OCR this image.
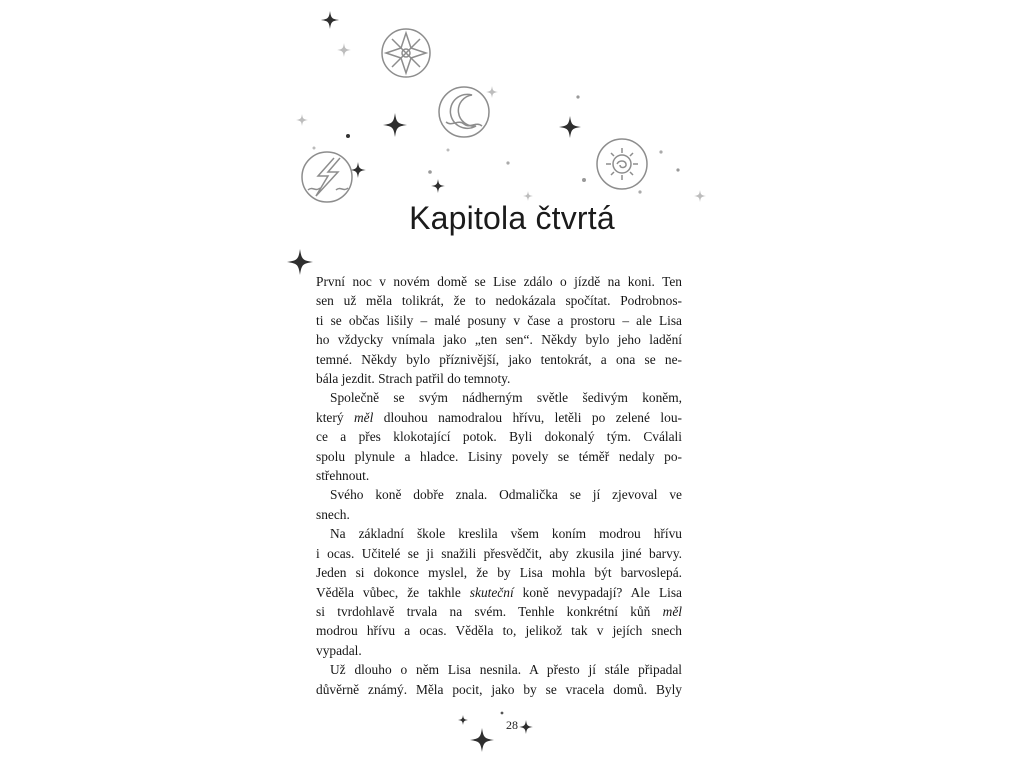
Kapitola čtvrtá
První noc v novém domě se Lise zdálo o jízdě na koni. Ten
sen už měla tolikrát, že to nedokázala spočítat. Podrobnos-
ti se občas lišily – malé posuny v čase a prostoru – ale Lisa
ho vždycky vnímala jako „ten sen“. Někdy bylo jeho ladění
temné. Někdy bylo příznivější, jako tentokrát, a ona se ne-
bála jezdit. Strach patřil do temnoty.
Společně se svým nádherným světle šedivým koněm,
který měl dlouhou namodralou hřívu, letěli po zelené lou-
ce a přes klokotající potok. Byli dokonalý tým. Cválali
spolu plynule a hladce. Lisiny povely se téměř nedaly po-
střehnout.
Svého koně dobře znala. Odmalička se jí zjevoval ve
snech.
Na základní škole kreslila všem koním modrou hřívu
i ocas. Učitelé se ji snažili přesvědčit, aby zkusila jiné barvy.
Jeden si dokonce myslel, že by Lisa mohla být barvoslepá.
Věděla vůbec, že takhle skuteční koně nevypadají? Ale Lisa
si tvrdohlavě trvala na svém. Tenhle konkrétní kůň měl
modrou hřívu a ocas. Věděla to, jelikož tak v jejích snech
vypadal.
Už dlouho o něm Lisa nesnila. A přesto jí stále připadal
důvěrně známý. Měla pocit, jako by se vracela domů. Byly
28
